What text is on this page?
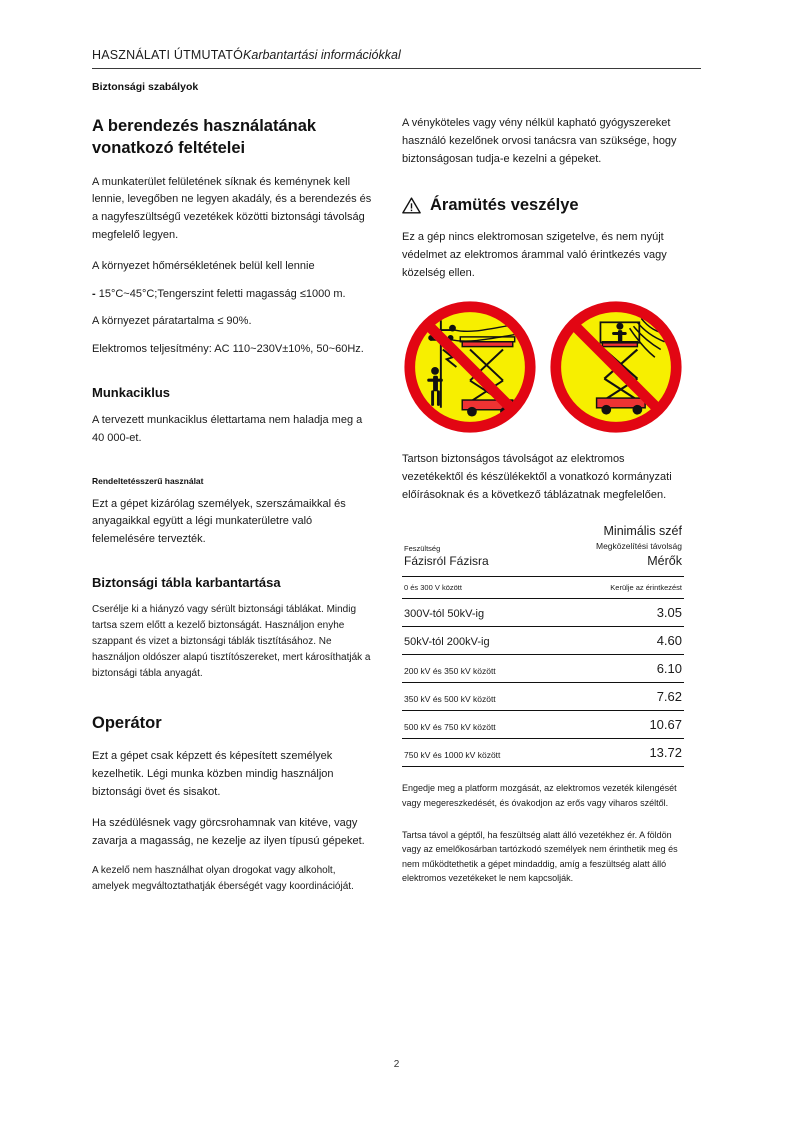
HASZNÁLATI ÚTMUTATÓ Karbantartási információkkal
Biztonsági szabályok
A berendezés használatának vonatkozó feltételei

A munkaterület felületének síknak és keménynek kell lennie, levegőben ne legyen akadály, és a berendezés és a nagyfeszültségű vezetékek közötti biztonsági távolság megfelelő legyen.

A környezet hőmérsékletének belül kell lennie

- 15°C~45°C;Tengerszint feletti magasság ≤1000 m.

A környezet páratartalma ≤ 90%.

Elektromos teljesítmény: AC 110~230V±10%, 50~60Hz.

Munkaciklus

A tervezett munkaciklus élettartama nem haladja meg a 40 000-et.

Rendeltetésszerű használat

Ezt a gépet kizárólag személyek, szerszámaikkal és anyagaikkal együtt a légi munkaterületre való felemelésére tervezték.

Biztonsági tábla karbantartása

Cserélje ki a hiányzó vagy sérült biztonsági táblákat. Mindig tartsa szem előtt a kezelő biztonságát. Használjon enyhe szappant és vizet a biztonsági táblák tisztításához. Ne használjon oldószer alapú tisztítószereket, mert károsíthatják a biztonsági tábla anyagát.

Operátor

Ezt a gépet csak képzett és képesített személyek kezelhetik. Légi munka közben mindig használjon biztonsági övet és sisakot.

Ha szédülésnek vagy görcsrohamnak van kitéve, vagy zavarja a magasság, ne kezelje az ilyen típusú gépeket.

A kezelő nem használhat olyan drogokat vagy alkoholt, amelyek megváltoztathatják éberségét vagy koordinációját.

A vényköteles vagy vény nélkül kapható gyógyszereket használó kezelőnek orvosi tanácsra van szüksége, hogy biztonságosan tudja-e kezelni a gépeket.

Áramütés veszélye

Ez a gép nincs elektromosan szigetelve, és nem nyújt védelmet az elektromos árammal való érintkezés vagy közelség ellen.

Tartson biztonságos távolságot az elektromos vezetékektől és készülékektől a vonatkozó kormányzati előírásoknak és a következő táblázatnak megfelelően.

Feszültség
Fázisról Fázisra

Minimális széf
Megközelítési távolság
Mérők

0 és 300 V között	Kerülje az érintkezést
300V-tól 50kV-ig	3.05
50kV-tól 200kV-ig	4.60
200 kV és 350 kV között	6.10
350 kV és 500 kV között	7.62
500 kV és 750 kV között	10.67
750 kV és 1000 kV között	13.72

Engedje meg a platform mozgását, az elektromos vezeték kilengését vagy megereszkedését, és óvakodjon az erős vagy viharos széltől.

Tartsa távol a géptől, ha feszültség alatt álló vezetékhez ér. A földön vagy az emelőkosárban tartózkodó személyek nem érinthetik meg és nem működtethetik a gépet mindaddig, amíg a feszültség alatt álló elektromos vezetékeket le nem kapcsolják.

2
